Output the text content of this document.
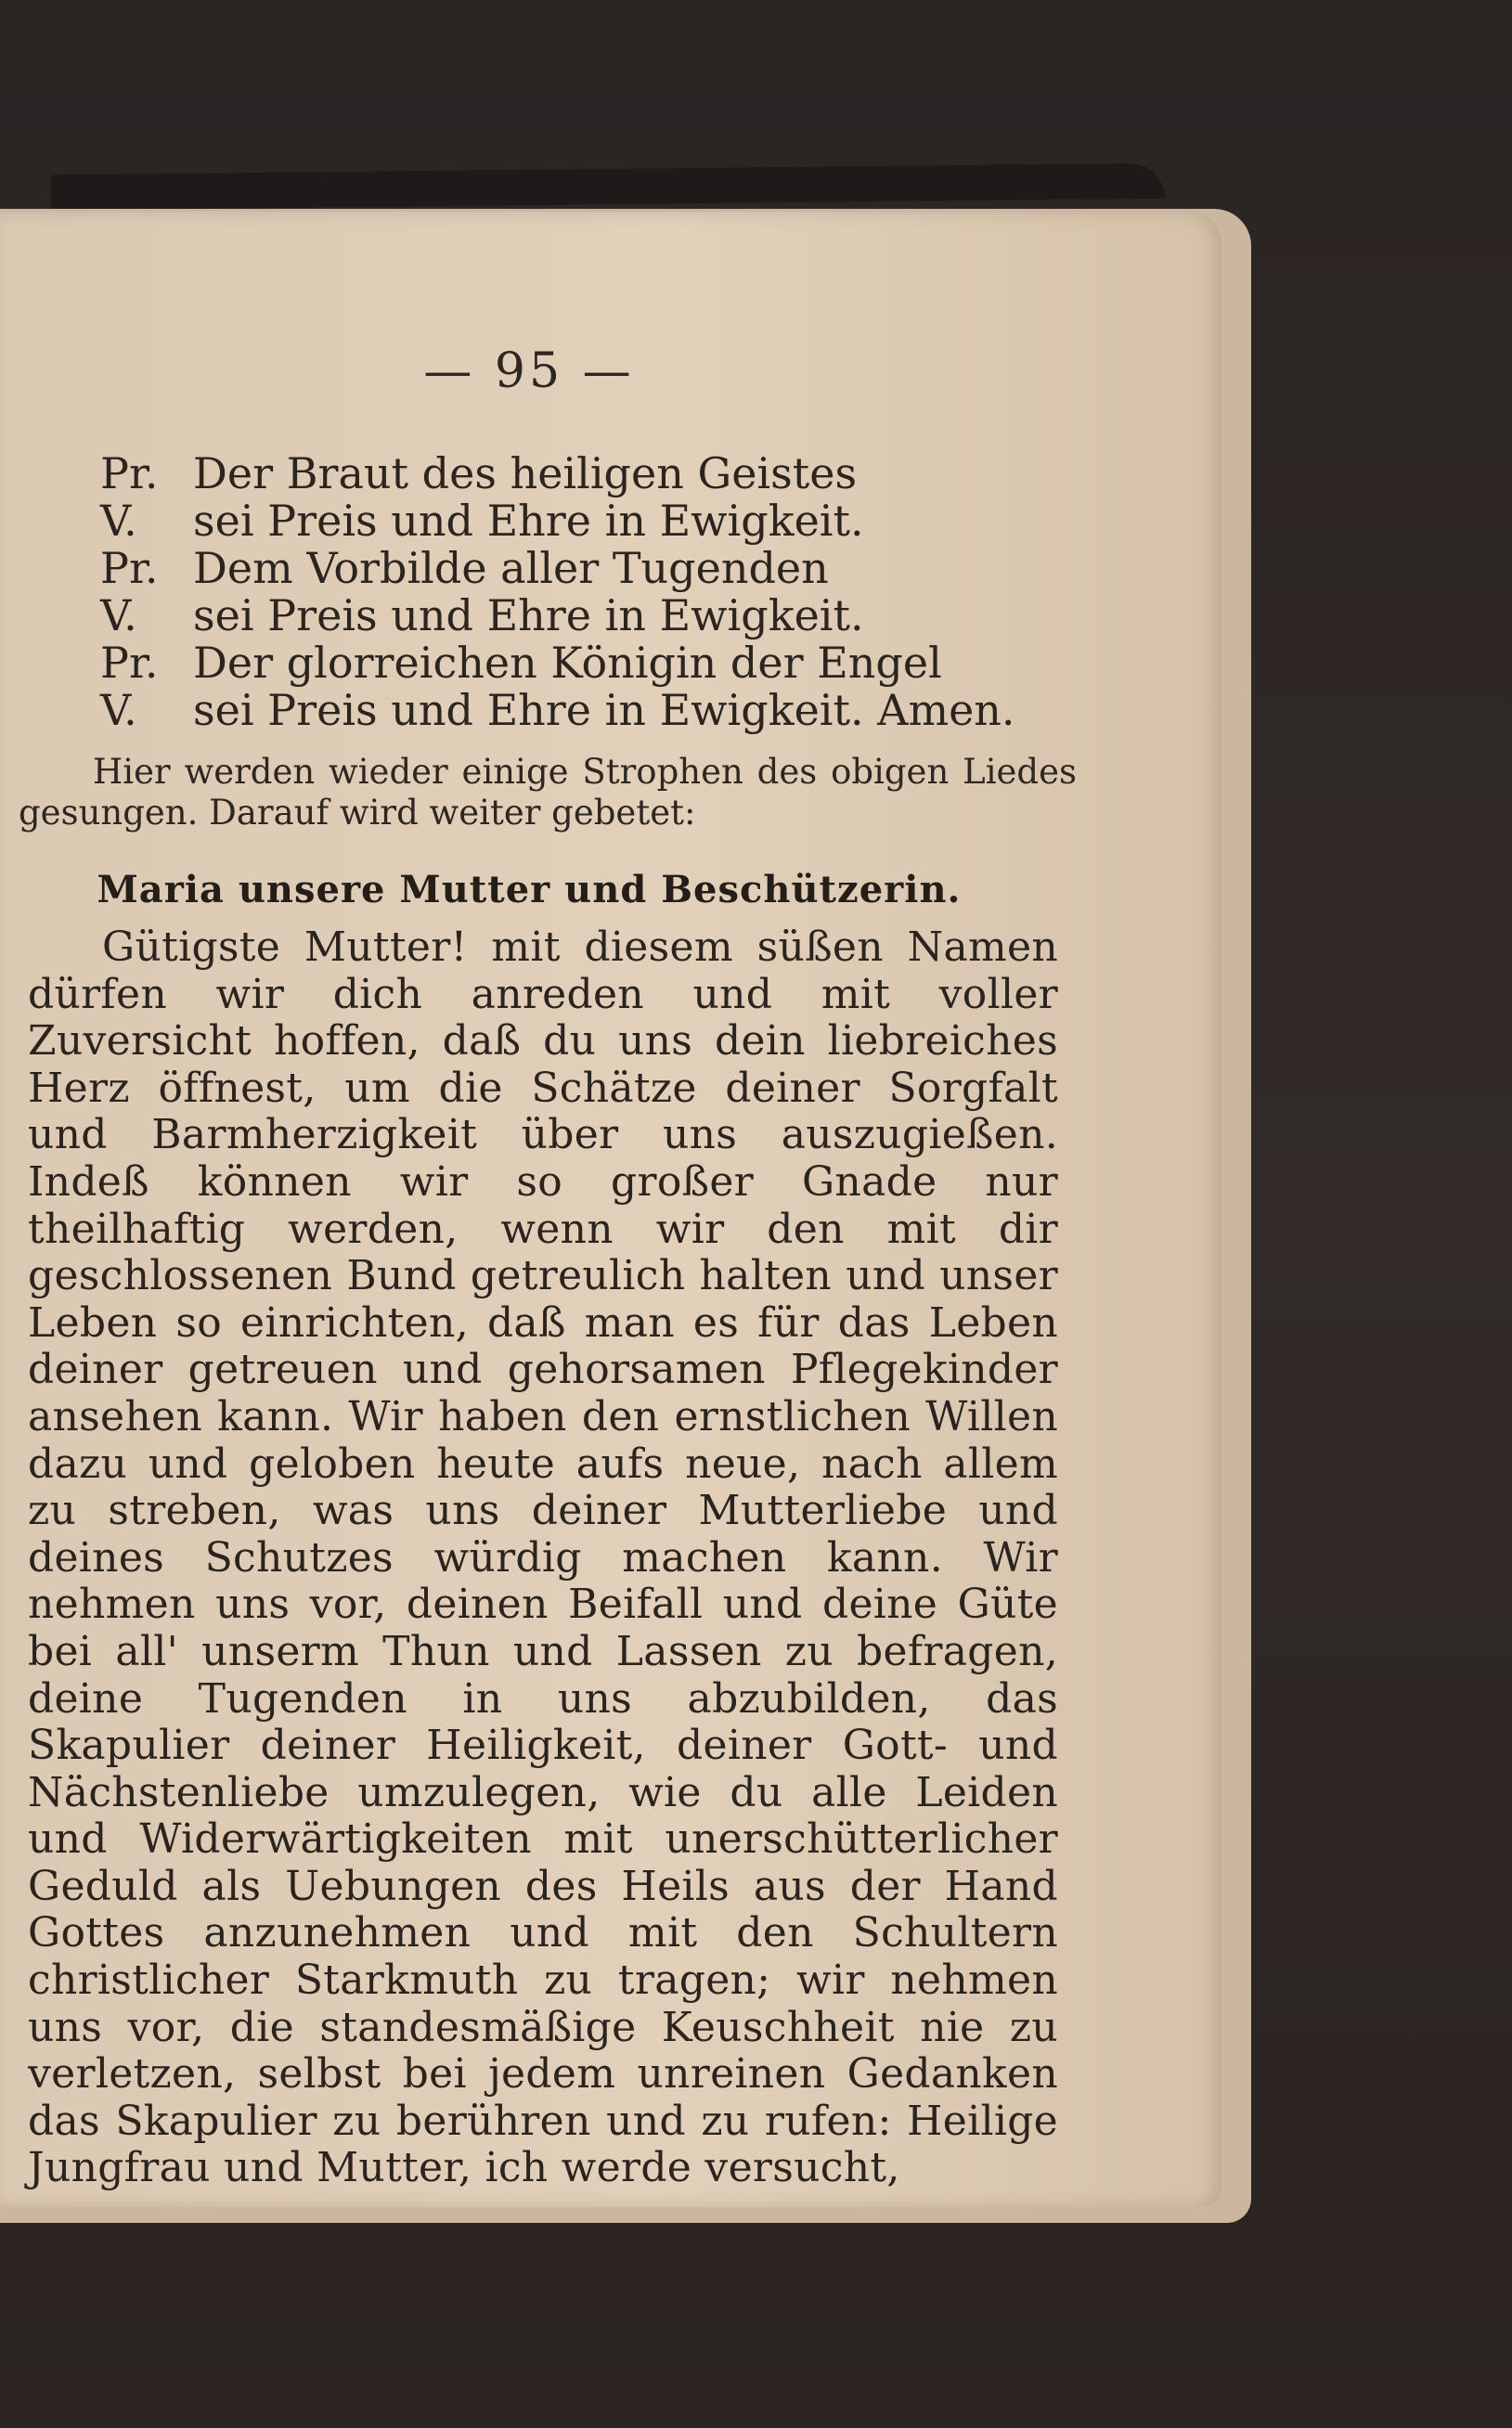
— 95 —
Pr. Der Braut des heiligen Geistes
V.	sei Preis und Ehre in Ewigkeit.
Pr. Dem Vorbilde aller Tugenden
V.	sei Preis und Ehre in Ewigkeit.
Pr. Der glorreichen Königin der Engel
V.	sei Preis und Ehre in Ewigkeit. Amen.
Hier werden wieder einige Strophen des obigen Liedes gesungen. Darauf wird weiter gebetet:
Maria unsere Mutter und Beschützerin.
Gütigste Mutter! mit diesem süßen Namen dürfen wir dich anreden und mit voller Zuversicht hoffen, daß du uns dein liebreiches Herz öffnest, um die Schätze deiner Sorgfalt und Barmherzigkeit über uns auszugießen. Indeß können wir so großer Gnade nur theilhaftig werden, wenn wir den mit dir geschlossenen Bund getreulich halten und unser Leben so einrichten, daß man es für das Leben deiner getreuen und gehorsamen Pflegekinder ansehen kann. Wir haben den ernstlichen Willen dazu und geloben heute aufs neue, nach allem zu streben, was uns deiner Mutterliebe und deines Schutzes würdig machen kann. Wir nehmen uns vor, deinen Beifall und deine Güte bei all' unserm Thun und Lassen zu befragen, deine Tugenden in uns abzubilden, das Skapulier deiner Heiligkeit, deiner Gott- und Nächstenliebe umzulegen, wie du alle Leiden und Widerwärtigkeiten mit unerschütterlicher Geduld als Uebungen des Heils aus der Hand Gottes anzunehmen und mit den Schultern christlicher Starkmuth zu tragen; wir nehmen uns vor, die standesmäßige Keuschheit nie zu verletzen, selbst bei jedem unreinen Gedanken das Skapulier zu berühren und zu rufen: Heilige Jungfrau und Mutter, ich werde versucht,
